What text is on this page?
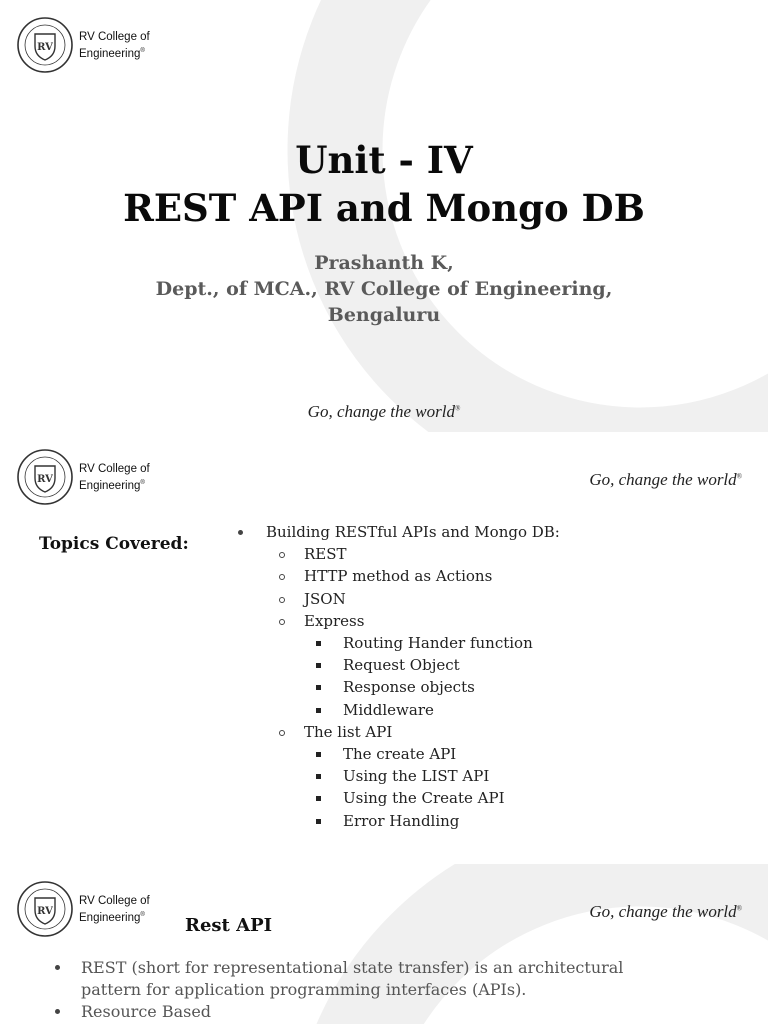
RV
RV College of
Engineering®
Unit - IV
REST API and Mongo DB
Prashanth K,
Dept., of MCA., RV College of Engineering,
Bengaluru
Go, change the world®
RV
RV College of
Engineering®	Go, change the world®
Topics Covered:
Building RESTful APIs and Mongo DB:
REST
HTTP method as Actions
JSON
Express
Routing Hander function
Request Object
Response objects
Middleware
The list API
The create API
Using the LIST API
Using the Create API
Error Handling
RV
RV College of
Engineering®	Go, change the world®
Rest API
REST (short for representational state transfer) is an architectural
pattern for application programming interfaces (APIs).
Resource Based
